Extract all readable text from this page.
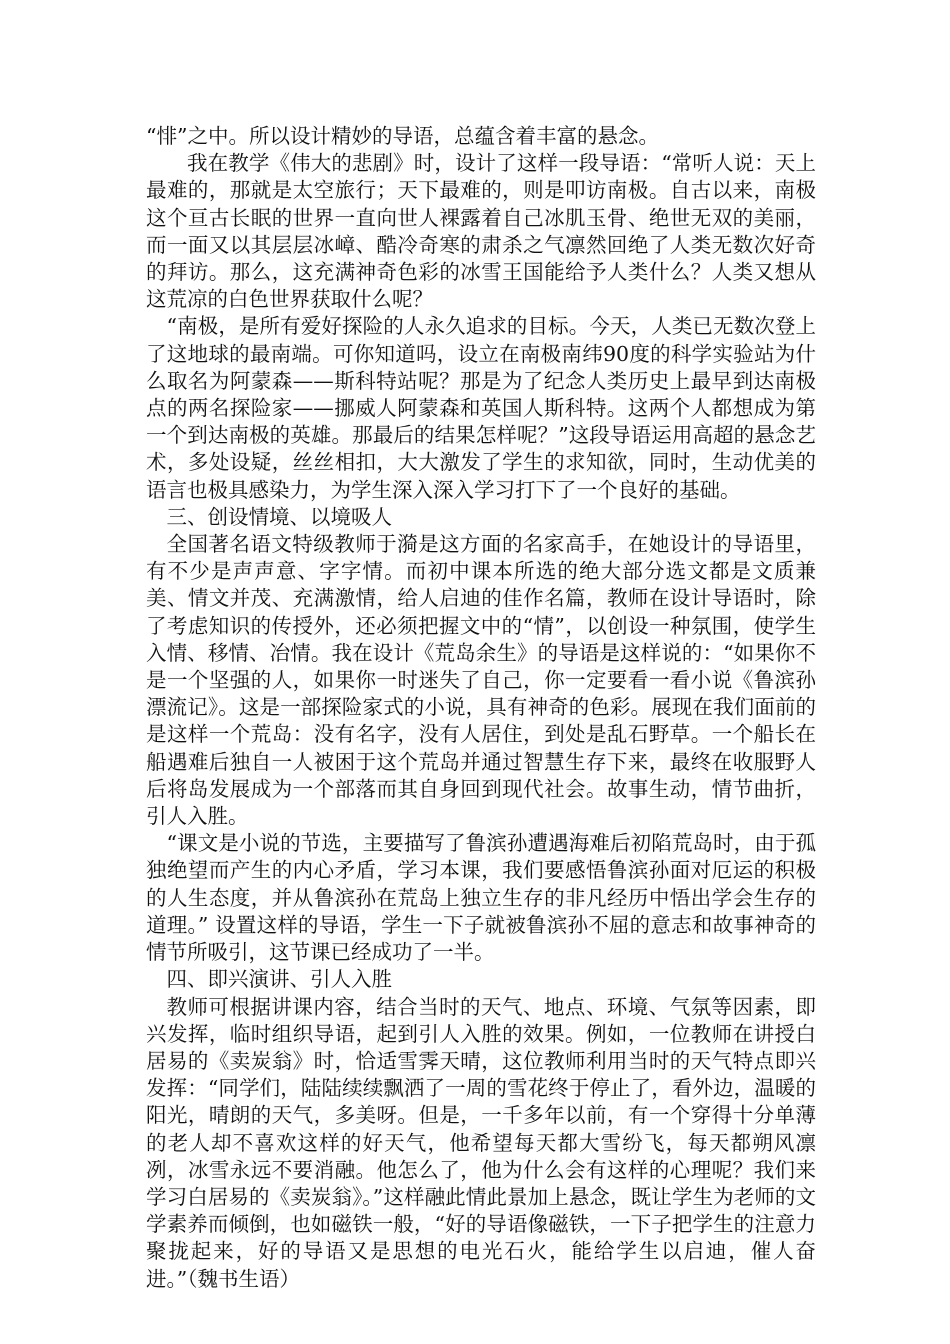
“悱”之中。所以设计精妙的导语，总蕴含着丰富的悬念。

我在教学《伟大的悲剧》时，设计了这样一段导语：“常听人说：天上最难的，那就是太空旅行；天下最难的，则是叩访南极。自古以来，南极这个亘古长眠的世界一直向世人裸露着自己冰肌玉骨、绝世无双的美丽，而一面又以其层层冰嶂、酷冷奇寒的肃杀之气凛然回绝了人类无数次好奇的拜访。那么，这充满神奇色彩的冰雪王国能给予人类什么？人类又想从这荒凉的白色世界获取什么呢？

“南极，是所有爱好探险的人永久追求的目标。今天，人类已无数次登上了这地球的最南端。可你知道吗，设立在南极南纬90度的科学实验站为什么取名为阿蒙森——斯科特站呢？那是为了纪念人类历史上最早到达南极点的两名探险家——挪威人阿蒙森和英国人斯科特。这两个人都想成为第一个到达南极的英雄。那最后的结果怎样呢？”这段导语运用高超的悬念艺术，多处设疑，丝丝相扣，大大激发了学生的求知欲，同时，生动优美的语言也极具感染力，为学生深入深入学习打下了一个良好的基础。

三、创设情境、以境吸人

全国著名语文特级教师于漪是这方面的名家高手，在她设计的导语里，有不少是声声意、字字情。而初中课本所选的绝大部分选文都是文质兼美、情文并茂、充满激情，给人启迪的佳作名篇，教师在设计导语时，除了考虑知识的传授外，还必须把握文中的“情”，以创设一种氛围，使学生入情、移情、冶情。我在设计《荒岛余生》的导语是这样说的：“如果你不是一个坚强的人，如果你一时迷失了自己，你一定要看一看小说《鲁滨孙漂流记》。这是一部探险家式的小说，具有神奇的色彩。展现在我们面前的是这样一个荒岛：没有名字，没有人居住，到处是乱石野草。一个船长在船遇难后独自一人被困于这个荒岛并通过智慧生存下来，最终在收服野人后将岛发展成为一个部落而其自身回到现代社会。故事生动，情节曲折，引人入胜。

“课文是小说的节选，主要描写了鲁滨孙遭遇海难后初陷荒岛时，由于孤独绝望而产生的内心矛盾，学习本课，我们要感悟鲁滨孙面对厄运的积极的人生态度，并从鲁滨孙在荒岛上独立生存的非凡经历中悟出学会生存的道理。” 设置这样的导语，学生一下子就被鲁滨孙不屈的意志和故事神奇的情节所吸引，这节课已经成功了一半。

四、即兴演讲、引人入胜

教师可根据讲课内容，结合当时的天气、地点、环境、气氛等因素，即兴发挥，临时组织导语，起到引人入胜的效果。例如，一位教师在讲授白居易的《卖炭翁》时，恰适雪霁天晴，这位教师利用当时的天气特点即兴发挥：“同学们，陆陆续续飘洒了一周的雪花终于停止了，看外边，温暖的阳光，晴朗的天气，多美呀。但是，一千多年以前，有一个穿得十分单薄的老人却不喜欢这样的好天气，他希望每天都大雪纷飞，每天都朔风凛冽，冰雪永远不要消融。他怎么了，他为什么会有这样的心理呢？我们来学习白居易的《卖炭翁》。”这样融此情此景加上悬念，既让学生为老师的文学素养而倾倒，也如磁铁一般，“好的导语像磁铁，一下子把学生的注意力聚拢起来，好的导语又是思想的电光石火，能给学生以启迪，催人奋进。”（魏书生语）
